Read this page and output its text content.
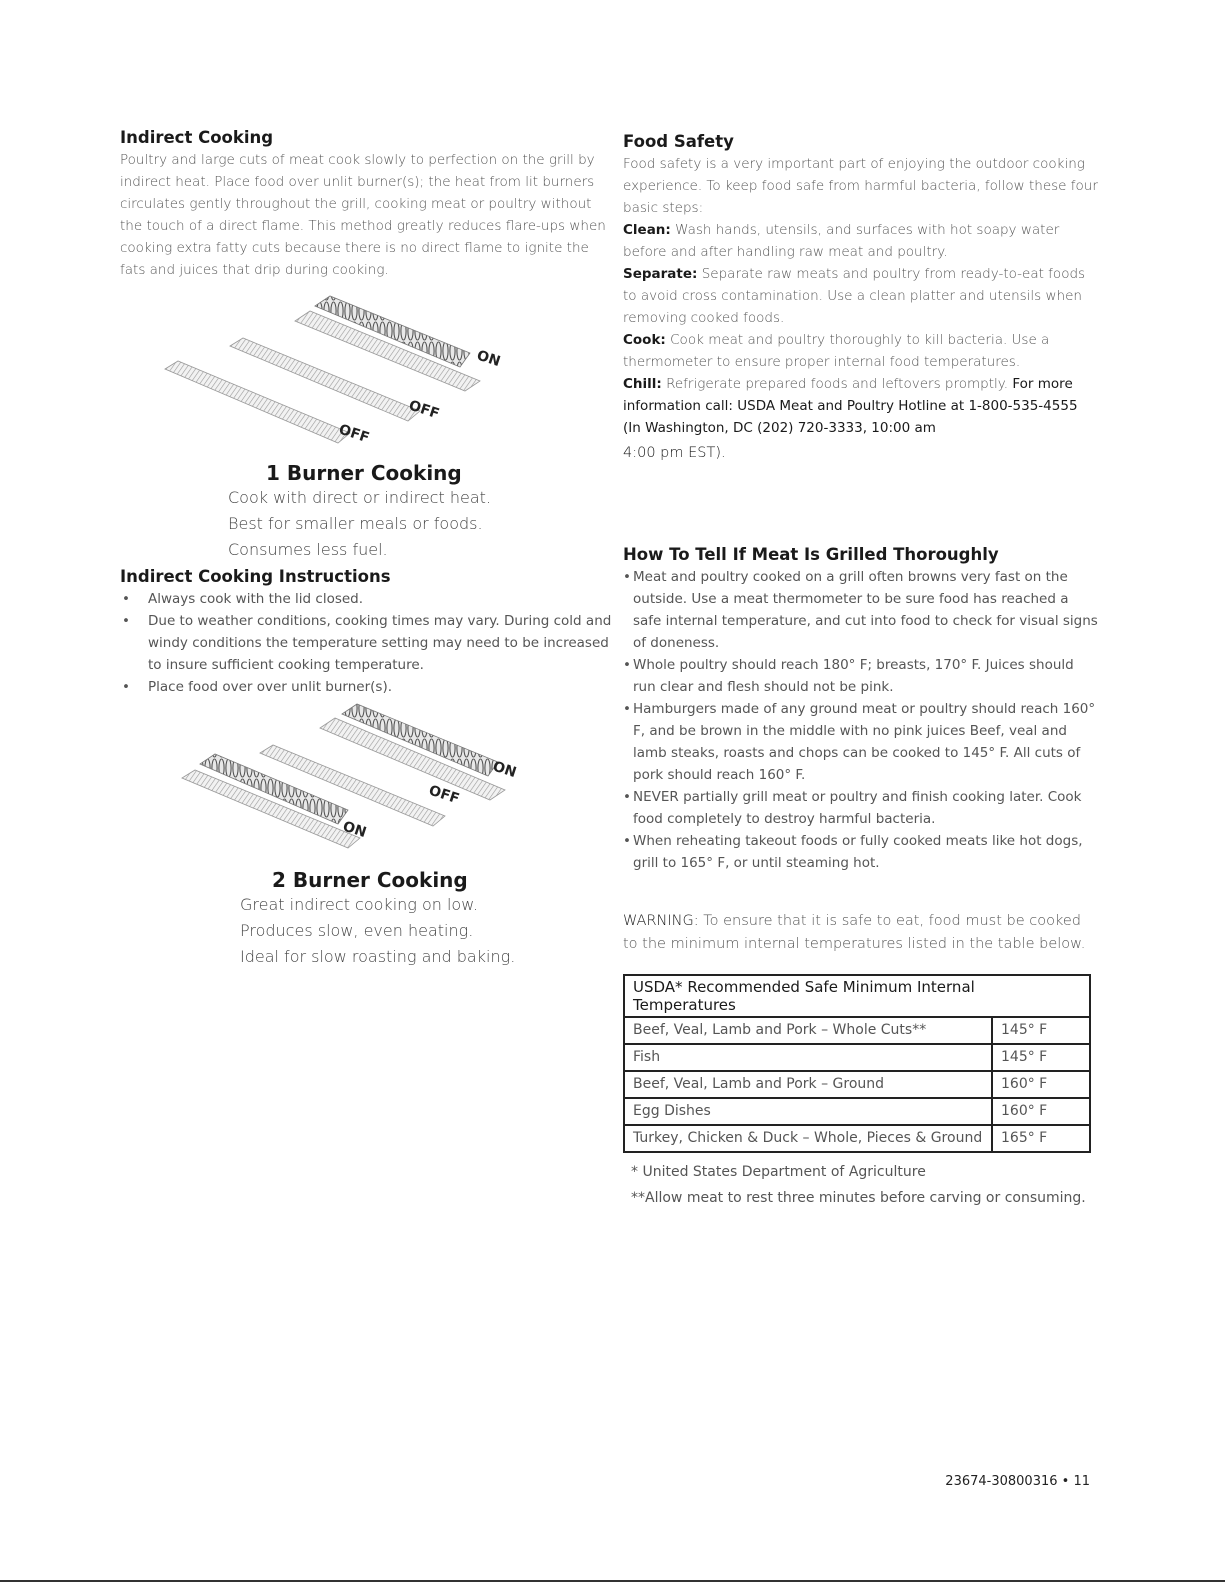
Indirect Cooking

Poultry and large cuts of meat cook slowly to perfection on the grill by indirect heat. Place food over unlit burner(s); the heat from lit burners circulates gently throughout the grill, cooking meat or poultry without the touch of a direct flame. This method greatly reduces flare-ups when cooking extra fatty cuts because there is no direct flame to ignite the fats and juices that drip during cooking.

ON
OFF
OFF

1 Burner Cooking

Cook with direct or indirect heat.

Best for smaller meals or foods.

Consumes less fuel.

Indirect Cooking Instructions
• Always cook with the lid closed.
• Due to weather conditions, cooking times may vary. During cold and windy conditions the temperature setting may need to be increased to insure sufficient cooking temperature.
• Place food over over unlit burner(s).
ON
OFF
ON

2 Burner Cooking

Great indirect cooking on low.

Produces slow, even heating.

Ideal for slow roasting and baking.

Food Safety

Food safety is a very important part of enjoying the outdoor cooking experience. To keep food safe from harmful bacteria, follow these four basic steps:

Clean: Wash hands, utensils, and surfaces with hot soapy water before and after handling raw meat and poultry.

Separate: Separate raw meats and poultry from ready-to-eat foods to avoid cross contamination. Use a clean platter and utensils when removing cooked foods.

Cook: Cook meat and poultry thoroughly to kill bacteria. Use a thermometer to ensure proper internal food temperatures.

Chill: Refrigerate prepared foods and leftovers promptly. For more information call: USDA Meat and Poultry Hotline at 1-800-535-4555 (In Washington, DC (202) 720-3333, 10:00 am

4:00 pm EST).

How To Tell If Meat Is Grilled Thoroughly
• Meat and poultry cooked on a grill often browns very fast on the outside. Use a meat thermometer to be sure food has reached a safe internal temperature, and cut into food to check for visual signs of doneness.
• Whole poultry should reach 180° F; breasts, 170° F. Juices should run clear and flesh should not be pink.
• Hamburgers made of any ground meat or poultry should reach 160° F, and be brown in the middle with no pink juices Beef, veal and lamb steaks, roasts and chops can be cooked to 145° F. All cuts of pork should reach 160° F.
• NEVER partially grill meat or poultry and finish cooking later. Cook food completely to destroy harmful bacteria.
• When reheating takeout foods or fully cooked meats like hot dogs, grill to 165° F, or until steaming hot.

WARNING: To ensure that it is safe to eat, food must be cooked to the minimum internal temperatures listed in the table below.

USDA* Recommended Safe Minimum Internal Temperatures	
Beef, Veal, Lamb and Pork – Whole Cuts**	145° F
Fish	145° F
Beef, Veal, Lamb and Pork – Ground	160° F
Egg Dishes	160° F
Turkey, Chicken & Duck – Whole, Pieces & Ground	165° F

* United States Department of Agriculture

**Allow meat to rest three minutes before carving or consuming.

23674-30800316 • 11
